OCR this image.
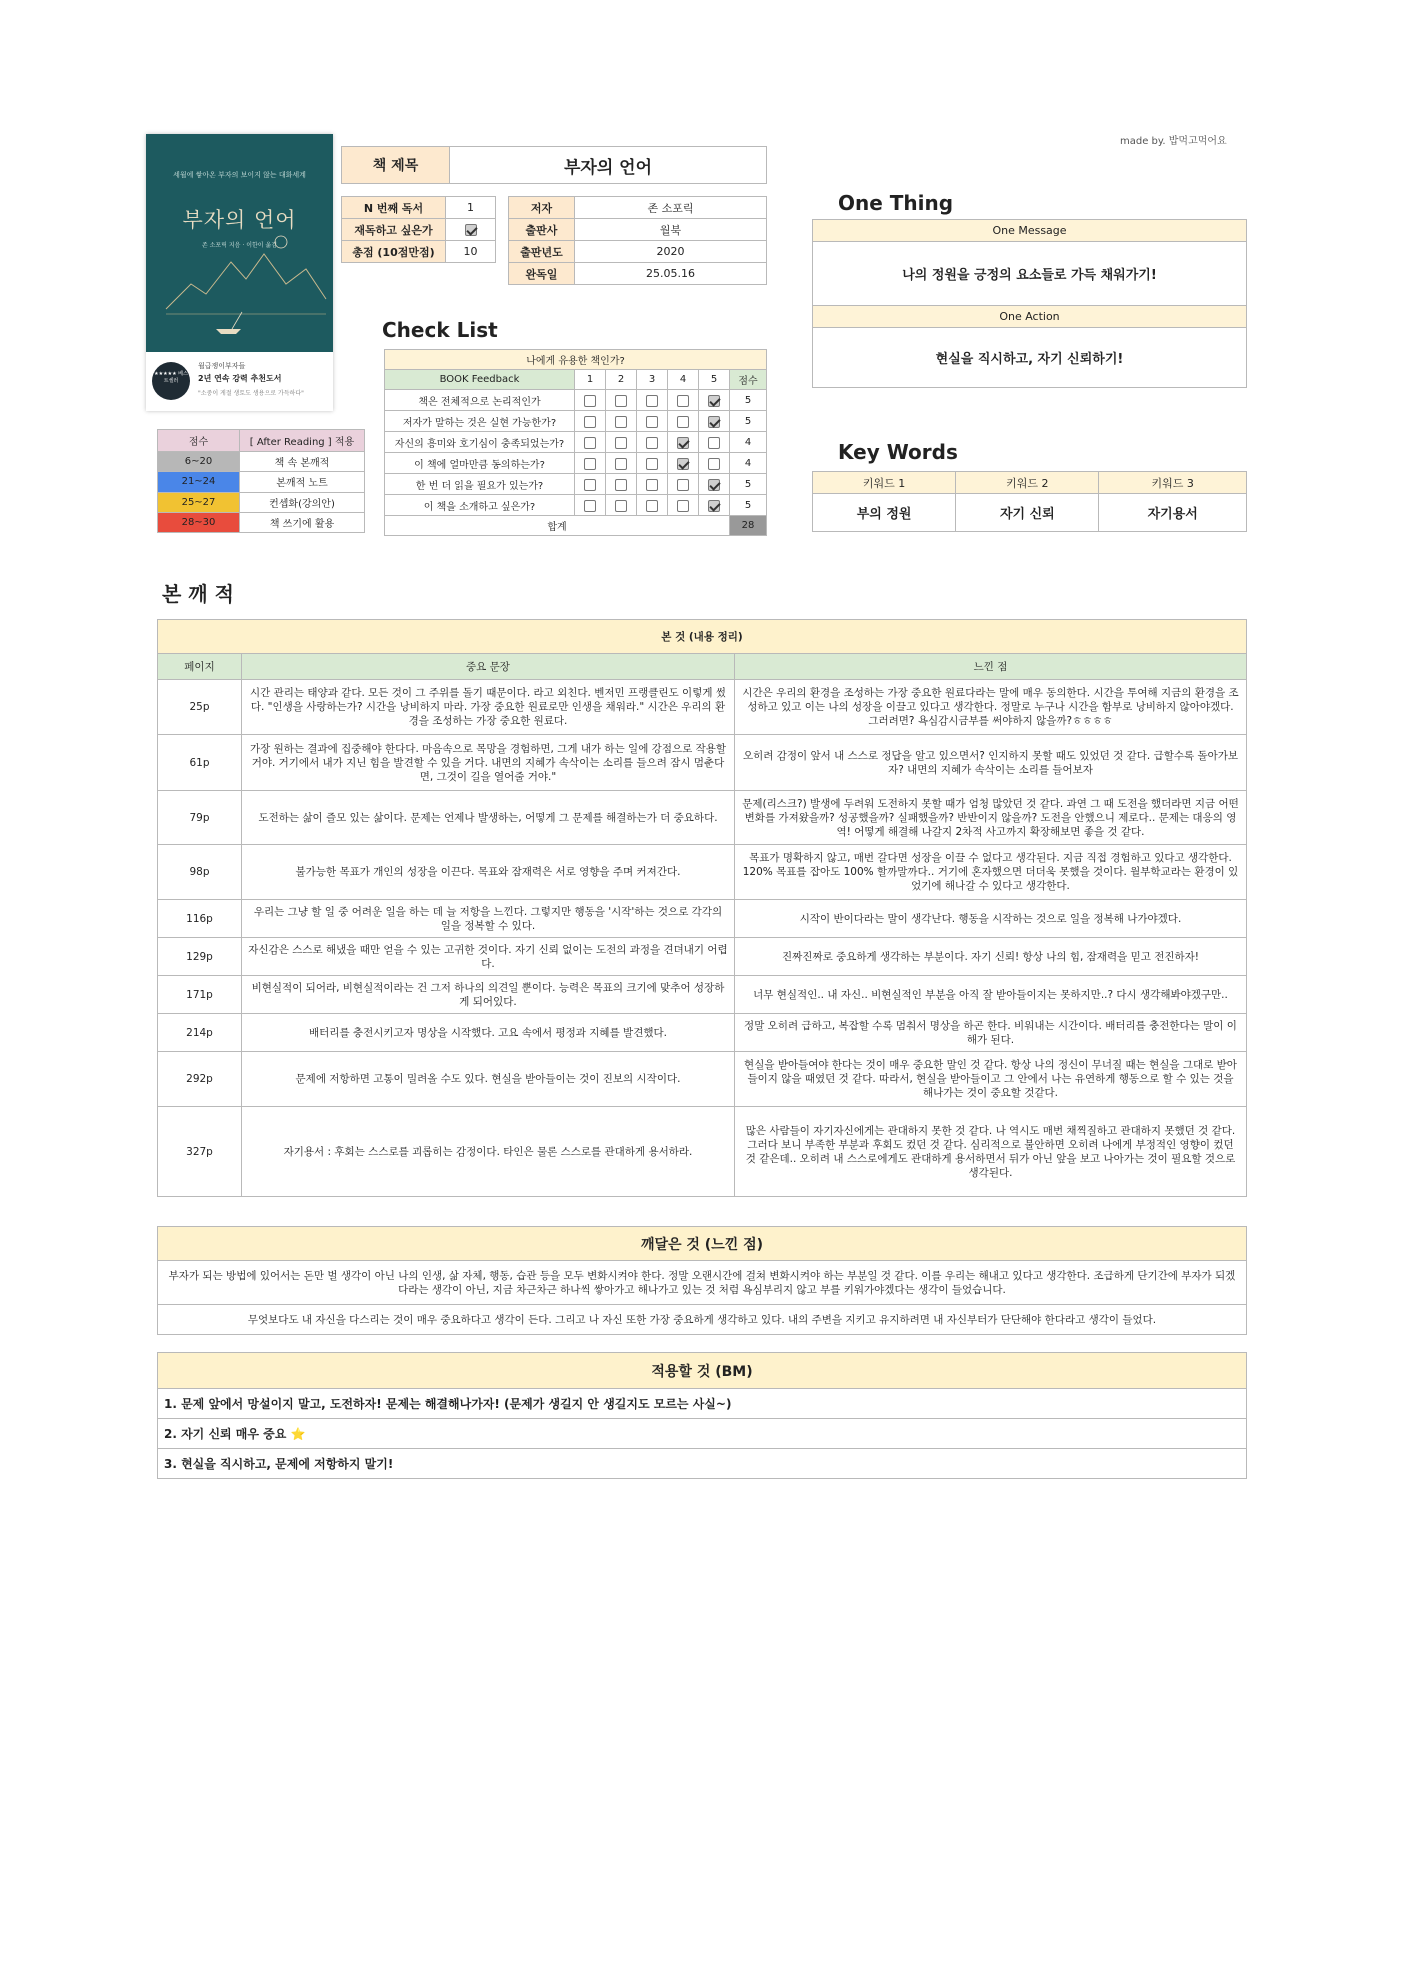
made by. 밥먹고먹어요
세월에 쌓아온 부자의 보이지 않는 대화세계
부자의 언어
존 소포릭 지음 · 이한이 옮김
★★★★★ 베스트셀러
월급쟁이부자들
2년 연속 강력 추천도서
"소중이 게절 생토도 생용으로 가득하다"
책 제목	부자의 언어
N 번째 독서	1
재독하고 싶은가	
총점 (10점만점)	10
저자	존 소포릭
출판사	월북
출판년도	2020
완독일	25.05.16
점수	[ After Reading ] 적용
6~20	책 속 본깨적
21~24	본깨적 노트
25~27	컨셉화(강의안)
28~30	책 쓰기에 활용
Check List
나에게 유용한 책인가?						
BOOK Feedback	1	2	3	4	5	점수
책은 전체적으로 논리적인가						5
저자가 말하는 것은 실현 가능한가?						5
자신의 흥미와 호기심이 충족되었는가?						4
이 책에 얼마만큼 동의하는가?						4
한 번 더 읽을 필요가 있는가?						5
이 책을 소개하고 싶은가?						5
합계						28
One Thing
One Message
나의 정원을 긍정의 요소들로 가득 채워가기!
One Action
현실을 직시하고, 자기 신뢰하기!
Key Words
키워드 1	키워드 2	키워드 3
부의 정원	자기 신뢰	자기용서
본 깨 적
본 것 (내용 정리)		
페이지	중요 문장	느낀 점
25p	시간 관리는 태양과 같다. 모든 것이 그 주위를 돌기 때문이다. 라고 외친다. 벤저민 프랭클린도 이렇게 썼다. "인생을 사랑하는가? 시간을 낭비하지 마라. 가장 중요한 원료로만 인생을 채워라." 시간은 우리의 환경을 조성하는 가장 중요한 원료다.	시간은 우리의 환경을 조성하는 가장 중요한 원료다라는 말에 매우 동의한다. 시간을 투여해 지금의 환경을 조성하고 있고 이는 나의 성장을 이끌고 있다고 생각한다. 정말로 누구나 시간을 함부로 낭비하지 않아야겠다. 그러려면? 욕심감시금부를 써야하지 않을까?ㅎㅎㅎㅎ
61p	가장 원하는 결과에 집중해야 한다다. 마음속으로 목망을 경험하면, 그게 내가 하는 일에 강점으로 작용할 거야. 거기에서 내가 지닌 힘을 발견할 수 있을 거다. 내면의 지혜가 속삭이는 소리를 들으려 잠시 멈춘다면, 그것이 길을 열어줄 거야."	오히려 감정이 앞서 내 스스로 정답을 알고 있으면서? 인지하지 못할 때도 있었던 것 같다. 급할수록 돌아가보자? 내면의 지혜가 속삭이는 소리를 들어보자
79p	도전하는 삶이 즐모 있는 삶이다. 문제는 언제나 발생하는, 어떻게 그 문제를 해결하는가 더 중요하다.	문제(리스크?) 발생에 두려워 도전하지 못할 때가 엄청 많았던 것 같다. 과연 그 때 도전을 했더라면 지금 어떤 변화를 가져왔을까? 성공했을까? 실패했을까? 반반이지 않을까? 도전을 안했으니 제로다.. 문제는 대응의 영역! 어떻게 해결해 나갈지 2차적 사고까지 확장해보면 좋을 것 같다.
98p	불가능한 목표가 개인의 성장을 이끈다. 목표와 잠재력은 서로 영향을 주며 커져간다.	목표가 명확하지 않고, 매번 갈다면 성장을 이끌 수 없다고 생각된다. 지금 직접 경험하고 있다고 생각한다. 120% 목표를 잡아도 100% 할까말까다.. 거기에 혼자했으면 더더욱 못했을 것이다. 월부학교라는 환경이 있었기에 해나갈 수 있다고 생각한다.
116p	우리는 그냥 할 일 중 어려운 일을 하는 데 늘 저항을 느낀다. 그렇지만 행동을 '시작'하는 것으로 각각의 일을 정복할 수 있다.	시작이 반이다라는 말이 생각난다. 행동을 시작하는 것으로 일을 정복해 나가야겠다.
129p	자신감은 스스로 해냈을 때만 얻을 수 있는 고귀한 것이다. 자기 신뢰 없이는 도전의 과정을 견뎌내기 어렵다.	진짜진짜로 중요하게 생각하는 부분이다. 자기 신뢰! 항상 나의 힘, 잠재력을 믿고 전진하자!
171p	비현실적이 되어라, 비현실적이라는 건 그저 하나의 의견일 뿐이다. 능력은 목표의 크기에 맞추어 성장하게 되어있다.	너무 현실적인.. 내 자신.. 비현실적인 부분을 아직 잘 받아들이지는 못하지만..? 다시 생각해봐야겠구만..
214p	배터리를 충전시키고자 명상을 시작했다. 고요 속에서 평정과 지혜를 발견했다.	정말 오히려 급하고, 복잡할 수록 멈춰서 명상을 하곤 한다. 비워내는 시간이다. 배터리를 충전한다는 말이 이해가 된다.
292p	문제에 저항하면 고통이 밀려올 수도 있다. 현실을 받아들이는 것이 진보의 시작이다.	현실을 받아들여야 한다는 것이 매우 중요한 말인 것 같다. 항상 나의 정신이 무너질 때는 현실을 그대로 받아들이지 않을 때였던 것 같다. 따라서, 현실을 받아들이고 그 안에서 나는 유연하게 행동으로 할 수 있는 것을 해나가는 것이 중요할 것같다.
327p	자기용서 : 후회는 스스로를 괴롭히는 감정이다. 타인은 물론 스스로를 관대하게 용서하라.	많은 사람들이 자기자신에게는 관대하지 못한 것 같다. 나 역시도 매번 채찍질하고 관대하지 못했던 것 같다. 그러다 보니 부족한 부분과 후회도 컸던 것 같다. 심리적으로 불안하면 오히려 나에게 부정적인 영향이 컸던 것 같은데.. 오히려 내 스스로에게도 관대하게 용서하면서 뒤가 아닌 앞을 보고 나아가는 것이 필요할 것으로 생각된다.
깨달은 것 (느낀 점)
부자가 되는 방법에 있어서는 돈만 벌 생각이 아닌 나의 인생, 삶 자체, 행동, 습관 등을 모두 변화시켜야 한다. 정말 오랜시간에 걸쳐 변화시켜야 하는 부분일 것 같다. 이를 우리는 해내고 있다고 생각한다. 조급하게 단기간에 부자가 되겠다라는 생각이 아닌, 지금 차근차근 하나씩 쌓아가고 해나가고 있는 것 처럼 욕심부리지 않고 부를 키워가야겠다는 생각이 들었습니다.
무엇보다도 내 자신을 다스리는 것이 매우 중요하다고 생각이 든다. 그리고 나 자신 또한 가장 중요하게 생각하고 있다. 내의 주변을 지키고 유지하려면 내 자신부터가 단단해야 한다라고 생각이 들었다.
적용할 것 (BM)
1. 문제 앞에서 망설이지 말고, 도전하자! 문제는 해결해나가자! (문제가 생길지 안 생길지도 모르는 사실~)
2. 자기 신뢰 매우 중요 ⭐
3. 현실을 직시하고, 문제에 저항하지 말기!
